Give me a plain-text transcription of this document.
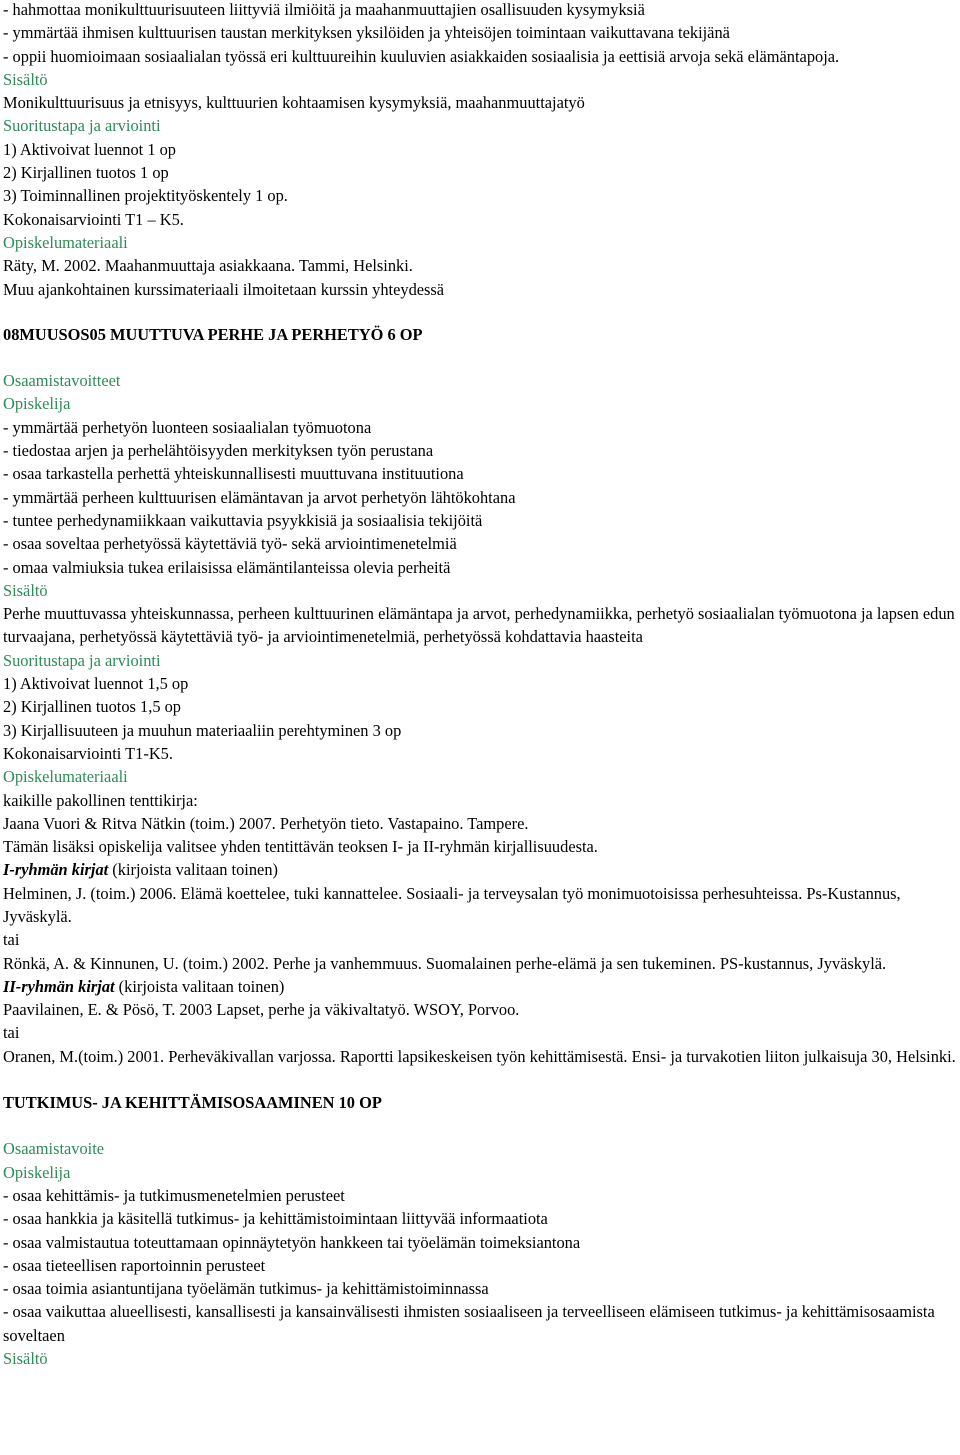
- hahmottaa monikulttuurisuuteen liittyviä ilmiöitä ja maahanmuuttajien osallisuuden kysymyksiä
- ymmärtää ihmisen kulttuurisen taustan merkityksen yksilöiden ja yhteisöjen toimintaan vaikuttavana tekijänä
- oppii huomioimaan sosiaalialan työssä eri kulttuureihin kuuluvien asiakkaiden sosiaalisia ja eettisiä arvoja sekä elämäntapoja.
Sisältö
Monikulttuurisuus ja etnisyys, kulttuurien kohtaamisen kysymyksiä, maahanmuuttajatyö
Suoritustapa ja arviointi
1) Aktivoivat luennot 1 op
2) Kirjallinen tuotos 1 op
3) Toiminnallinen projektityöskentely 1 op.
Kokonaisarviointi T1 – K5.
Opiskelumateriaali
Räty, M. 2002. Maahanmuuttaja asiakkaana. Tammi, Helsinki.
Muu ajankohtainen kurssimateriaali ilmoitetaan kurssin yhteydessä
08MUUSOS05 MUUTTUVA PERHE JA PERHETYÖ 6 OP
Osaamistavoitteet
Opiskelija
- ymmärtää perhetyön luonteen sosiaalialan työmuotona
- tiedostaa arjen ja perhelähtöisyyden merkityksen työn perustana
- osaa tarkastella perhettä yhteiskunnallisesti muuttuvana instituutiona
- ymmärtää perheen kulttuurisen elämäntavan ja arvot perhetyön lähtökohtana
- tuntee perhedynamiikkaan vaikuttavia psyykkisiä ja sosiaalisia tekijöitä
- osaa soveltaa perhetyössä käytettäviä työ- sekä arviointimenetelmiä
- omaa valmiuksia tukea erilaisissa elämäntilanteissa olevia perheitä
Sisältö
Perhe muuttuvassa yhteiskunnassa, perheen kulttuurinen elämäntapa ja arvot, perhedynamiikka, perhetyö sosiaalialan työmuotona ja lapsen edun turvaajana, perhetyössä käytettäviä työ- ja arviointimenetelmiä, perhetyössä kohdattavia haasteita
Suoritustapa ja arviointi
1) Aktivoivat luennot 1,5 op
2) Kirjallinen tuotos 1,5 op
3) Kirjallisuuteen ja muuhun materiaaliin perehtyminen 3 op
Kokonaisarviointi T1-K5.
Opiskelumateriaali
kaikille pakollinen tenttikirja:
Jaana Vuori & Ritva Nätkin (toim.) 2007. Perhetyön tieto. Vastapaino. Tampere.
Tämän lisäksi opiskelija valitsee yhden tentittävän teoksen I- ja II-ryhmän kirjallisuudesta.
I-ryhmän kirjat (kirjoista valitaan toinen)
Helminen, J. (toim.) 2006. Elämä koettelee, tuki kannattelee. Sosiaali- ja terveysalan työ monimuotoisissa perhesuhteissa. Ps-Kustannus, Jyväskylä.
tai
Rönkä, A. & Kinnunen, U. (toim.) 2002. Perhe ja vanhemmuus. Suomalainen perhe-elämä ja sen tukeminen. PS-kustannus, Jyväskylä.
II-ryhmän kirjat (kirjoista valitaan toinen)
Paavilainen, E. & Pösö, T. 2003 Lapset, perhe ja väkivaltatyö. WSOY, Porvoo.
tai
Oranen, M.(toim.) 2001. Perheväkivallan varjossa. Raportti lapsikeskeisen työn kehittämisestä. Ensi- ja turvakotien liiton julkaisuja 30, Helsinki.
TUTKIMUS- JA KEHITTÄMISOSAAMINEN 10 OP
Osaamistavoite
Opiskelija
- osaa kehittämis- ja tutkimusmenetelmien perusteet
- osaa hankkia ja käsitellä tutkimus- ja kehittämistoimintaan liittyvää informaatiota
- osaa valmistautua toteuttamaan opinnäytetyön hankkeen tai työelämän toimeksiantona
- osaa tieteellisen raportoinnin perusteet
- osaa toimia asiantuntijana työelämän tutkimus- ja kehittämistoiminnassa
- osaa vaikuttaa alueellisesti, kansallisesti ja kansainvälisesti ihmisten sosiaaliseen ja terveelliseen elämiseen tutkimus- ja kehittämisosaamista soveltaen
Sisältö
